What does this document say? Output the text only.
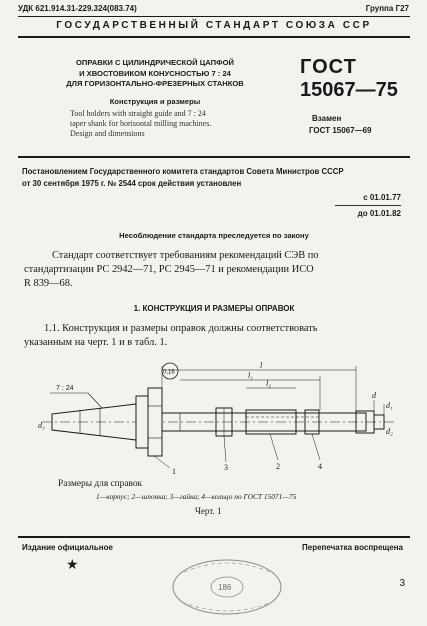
УДК 621.914.31-229.324(083.74)	Группа Г27
ГОСУДАРСТВЕННЫЙ СТАНДАРТ СОЮЗА ССР
ОПРАВКИ С ЦИЛИНДРИЧЕСКОЙ ЦАПФОЙ
И ХВОСТОВИКОМ КОНУСНОСТЬЮ 7 : 24
ДЛЯ ГОРИЗОНТАЛЬНО-ФРЕЗЕРНЫХ СТАНКОВ
Конструкция и размеры
Tool holders with straight guide and 7 : 24
taper shank for horisontal milling machines.
Design and dimensions
ГОСТ
15067—75
Взамен
ГОСТ 15067—69
Постановлением Государственного комитета стандартов Совета Министров СССР
от 30 сентября 1975 г. № 2544 срок действия установлен
с 01.01.77
до 01.01.82
Несоблюдение стандарта преследуется по закону
Стандарт соответствует требованиям рекомендаций СЭВ по
стандартизации РС 2942—71, РС 2945—71 и рекомендации ИСО
R 839—68.
1. КОНСТРУКЦИЯ И РАЗМЕРЫ ОПРАВОК
1.1. Конструкция и размеры оправок должны соответствовать
указанным на черт. 1 и в табл. 1.
7 : 24
0,16
l
l₁
l₂
d
d₁
d₂
d₃
1	3	2	4
Размеры для справок
1—корпус; 2—шпонка; 3—гайка; 4—кольцо по ГОСТ 15071—75
Черт. 1
Издание официальное	Перепечатка воспрещена
★
186	3
